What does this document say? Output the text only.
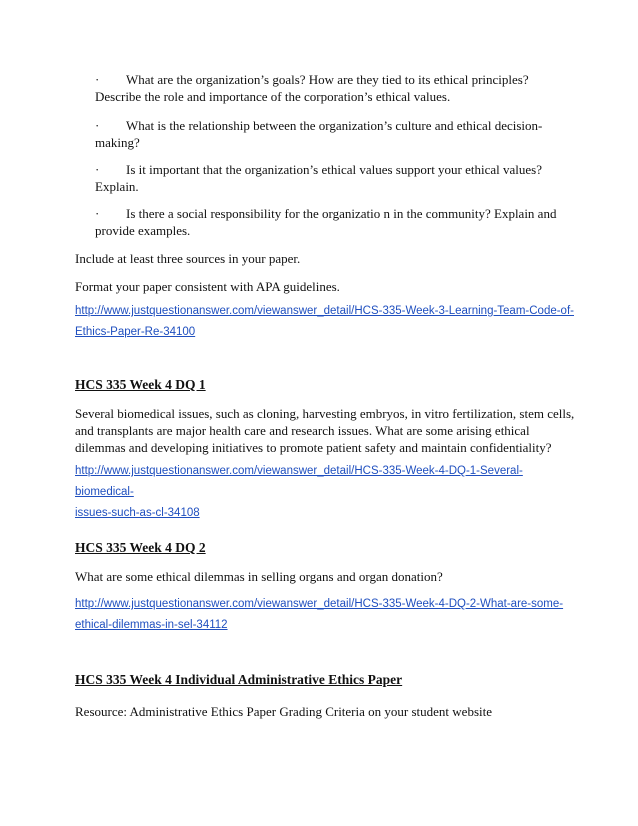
· What are the organization’s goals? How are they tied to its ethical principles? Describe the role and importance of the corporation’s ethical values.
· What is the relationship between the organization’s culture and ethical decision-making?
· Is it important that the organization’s ethical values support your ethical values? Explain.
· Is there a social responsibility for the organizatio n in the community? Explain and provide examples.
Include at least three sources in your paper.
Format your paper consistent with APA guidelines.
http://www.justquestionanswer.com/viewanswer_detail/HCS-335-Week-3-Learning-Team-Code-of-
Ethics-Paper-Re-34100
HCS 335 Week 4 DQ 1
Several biomedical issues, such as cloning, harvesting embryos, in vitro fertilization, stem cells, and transplants are major health care and research issues. What are some arising ethical dilemmas and developing initiatives to promote patient safety and maintain confidentiality?
http://www.justquestionanswer.com/viewanswer_detail/HCS-335-Week-4-DQ-1-Several-biomedical-
issues-such-as-cl-34108
HCS 335 Week 4 DQ 2
What are some ethical dilemmas in selling organs and organ donation?
http://www.justquestionanswer.com/viewanswer_detail/HCS-335-Week-4-DQ-2-What-are-some-
ethical-dilemmas-in-sel-34112
HCS 335 Week 4 Individual Administrative Ethics Paper
Resource: Administrative Ethics Paper Grading Criteria on your student website
